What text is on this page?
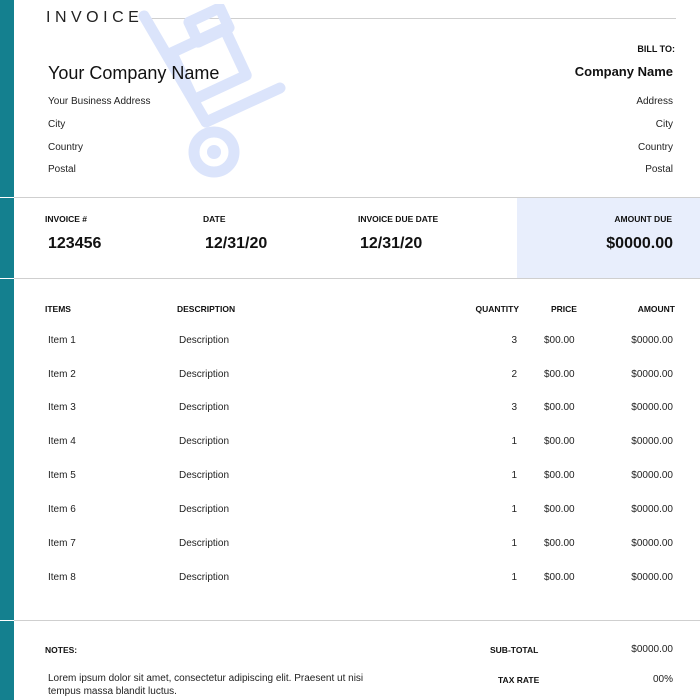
INVOICE
Your Company Name
Your Business Address
City
Country
Postal
BILL TO:
Company Name
Address
City
Country
Postal
INVOICE #
123456
DATE
12/31/20
INVOICE DUE DATE
12/31/20
AMOUNT DUE
$0000.00
ITEMS	DESCRIPTION	QUANTITY	PRICE	AMOUNT
Item 1	Description	3	$00.00	$0000.00
Item 2	Description	2	$00.00	$0000.00
Item 3	Description	3	$00.00	$0000.00
Item 4	Description	1	$00.00	$0000.00
Item 5	Description	1	$00.00	$0000.00
Item 6	Description	1	$00.00	$0000.00
Item 7	Description	1	$00.00	$0000.00
Item 8	Description	1	$00.00	$0000.00
NOTES:
Lorem ipsum dolor sit amet, consectetur adipiscing elit. Praesent ut nisi tempus massa blandit luctus.
SUB-TOTAL	$0000.00
TAX RATE	00%
